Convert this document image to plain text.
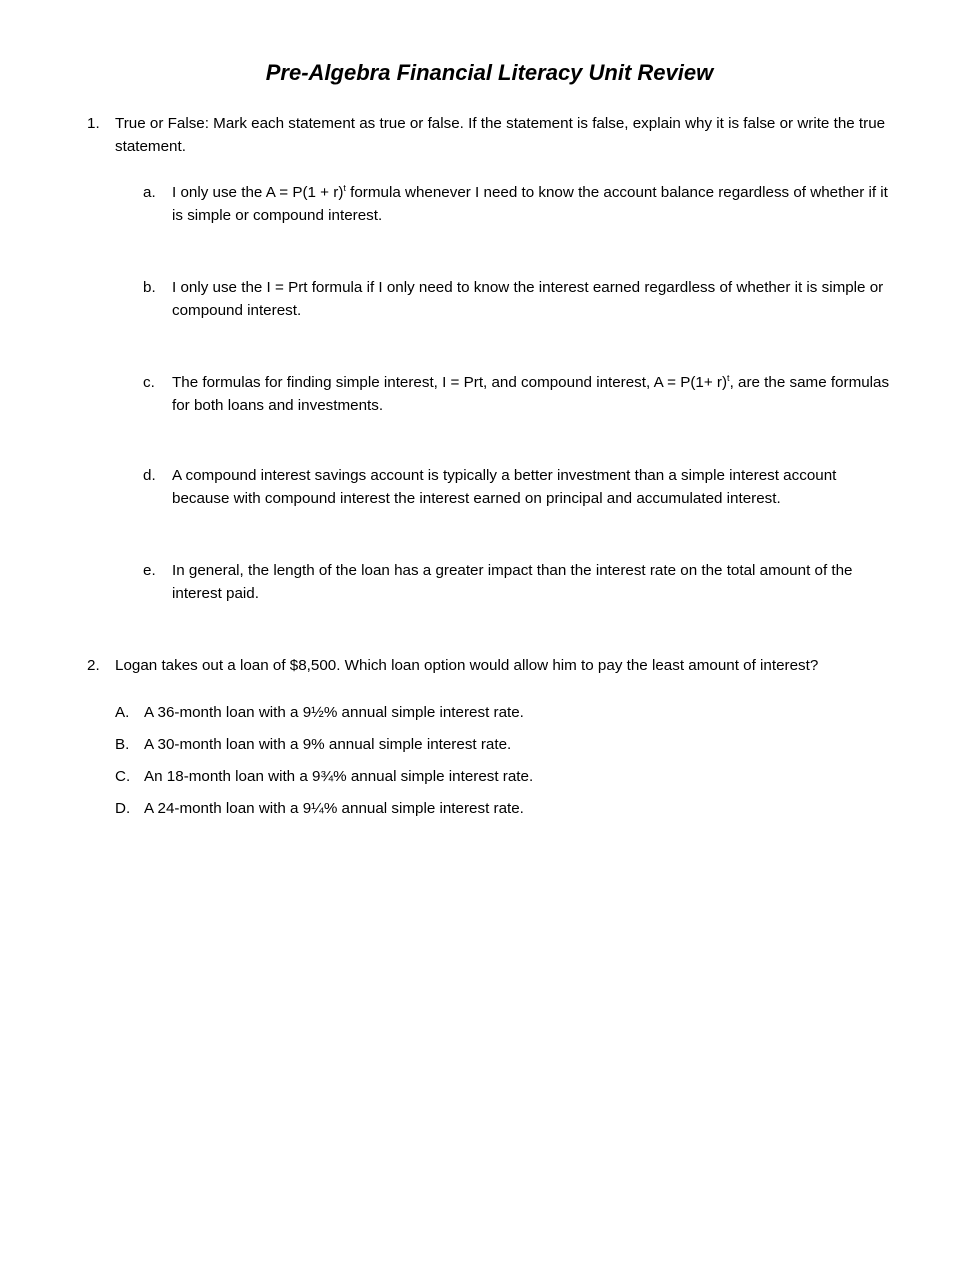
Pre-Algebra Financial Literacy Unit Review
1.	True or False: Mark each statement as true or false. If the statement is false, explain why it is false or write the true statement.
a.	I only use the $A = P(1 + r)^t$ formula whenever I need to know the account balance regardless of whether if it is simple or compound interest.
b.	I only use the I = Prt formula if I only need to know the interest earned regardless of whether it is simple or compound interest.
c.	The formulas for finding simple interest, I = Prt, and compound interest, $A = P(1+ r)^t$, are the same formulas for both loans and investments.
d.	A compound interest savings account is typically a better investment than a simple interest account because with compound interest the interest earned on principal and accumulated interest.
e.	In general, the length of the loan has a greater impact than the interest rate on the total amount of the interest paid.
2.	Logan takes out a loan of $8,500. Which loan option would allow him to pay the least amount of interest?
A. A 36-month loan with a 9½% annual simple interest rate.
B. A 30-month loan with a 9% annual simple interest rate.
C. An 18-month loan with a 9¾% annual simple interest rate.
D. A 24-month loan with a 9¼% annual simple interest rate.
